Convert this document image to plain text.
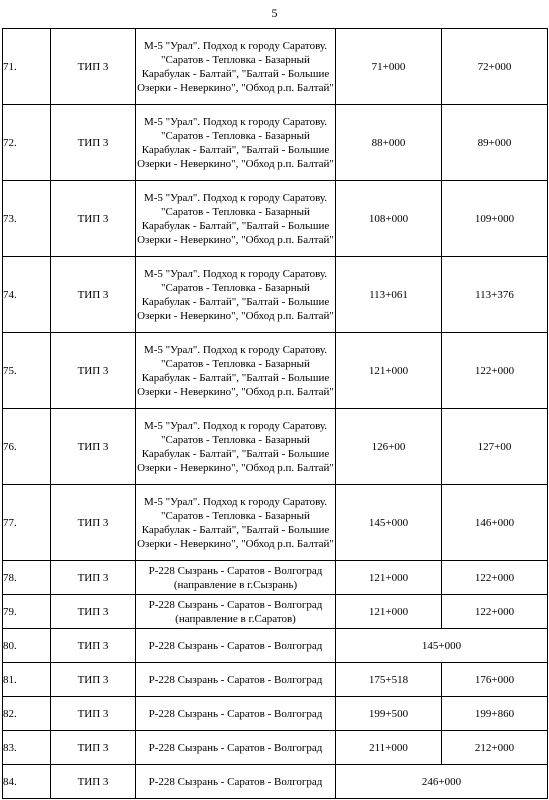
5
71.	ТИП 3	М-5 "Урал". Подход к городу Саратову. "Саратов - Тепловка - Базарный Карабулак - Балтай", "Балтай - Большие Озерки - Неверкино", "Обход р.п. Балтай"	71+000	72+000
72.	ТИП 3	М-5 "Урал". Подход к городу Саратову. "Саратов - Тепловка - Базарный Карабулак - Балтай", "Балтай - Большие Озерки - Неверкино", "Обход р.п. Балтай"	88+000	89+000
73.	ТИП 3	М-5 "Урал". Подход к городу Саратову. "Саратов - Тепловка - Базарный Карабулак - Балтай", "Балтай - Большие Озерки - Неверкино", "Обход р.п. Балтай"	108+000	109+000
74.	ТИП 3	М-5 "Урал". Подход к городу Саратову. "Саратов - Тепловка - Базарный Карабулак - Балтай", "Балтай - Большие Озерки - Неверкино", "Обход р.п. Балтай"	113+061	113+376
75.	ТИП 3	М-5 "Урал". Подход к городу Саратову. "Саратов - Тепловка - Базарный Карабулак - Балтай", "Балтай - Большие Озерки - Неверкино", "Обход р.п. Балтай"	121+000	122+000
76.	ТИП 3	М-5 "Урал". Подход к городу Саратову. "Саратов - Тепловка - Базарный Карабулак - Балтай", "Балтай - Большие Озерки - Неверкино", "Обход р.п. Балтай"	126+00	127+00
77.	ТИП 3	М-5 "Урал". Подход к городу Саратову. "Саратов - Тепловка - Базарный Карабулак - Балтай", "Балтай - Большие Озерки - Неверкино", "Обход р.п. Балтай"	145+000	146+000
78.	ТИП 3	Р-228 Сызрань - Саратов - Волгоград (направление в г.Сызрань)	121+000	122+000
79.	ТИП 3	Р-228 Сызрань - Саратов - Волгоград (направление в г.Саратов)	121+000	122+000
80.	ТИП 3	Р-228 Сызрань - Саратов - Волгоград	145+000	
81.	ТИП 3	Р-228 Сызрань - Саратов - Волгоград	175+518	176+000
82.	ТИП 3	Р-228 Сызрань - Саратов - Волгоград	199+500	199+860
83.	ТИП 3	Р-228 Сызрань - Саратов - Волгоград	211+000	212+000
84.	ТИП 3	Р-228 Сызрань - Саратов - Волгоград	246+000	
